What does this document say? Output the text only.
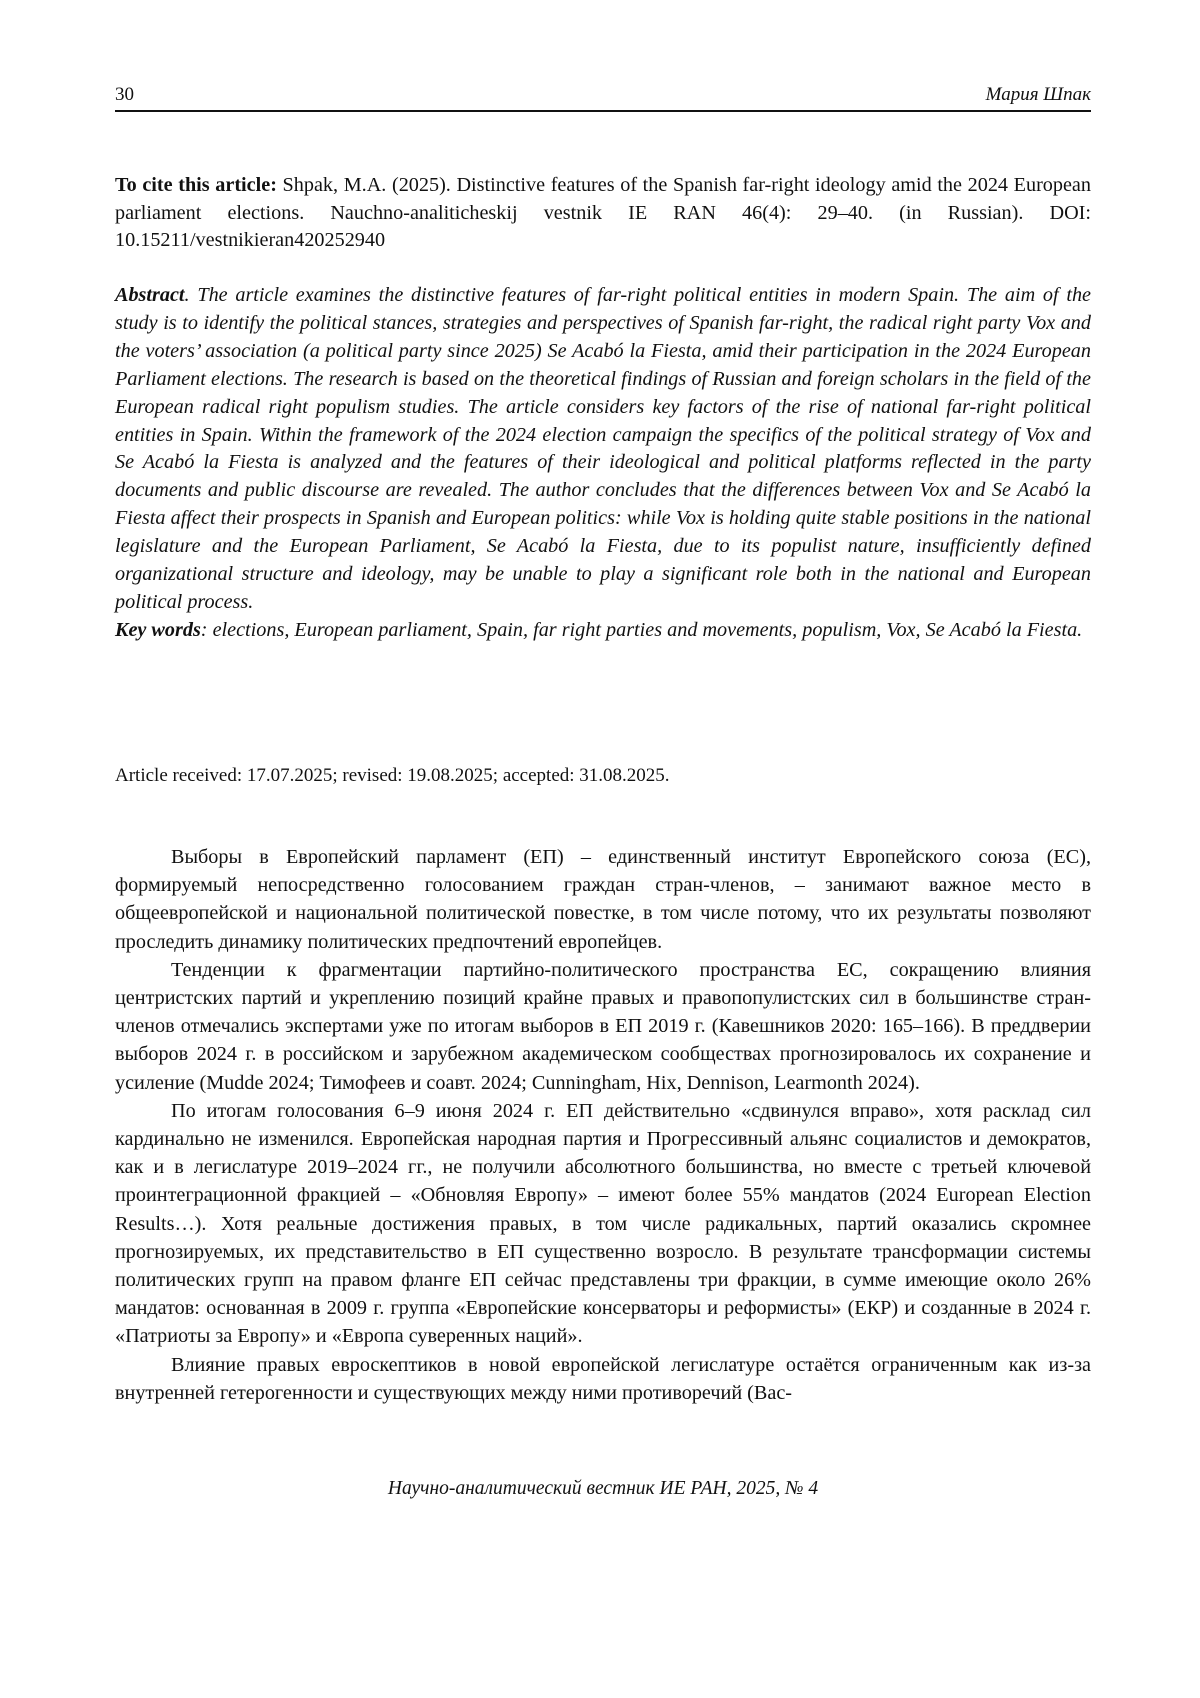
30	Мария Шпак
To cite this article: Shpak, M.A. (2025). Distinctive features of the Spanish far-right ideology amid the 2024 European parliament elections. Nauchno-analiticheskij vestnik IE RAN 46(4): 29–40. (in Russian). DOI: 10.15211/vestnikieran420252940
Abstract. The article examines the distinctive features of far-right political entities in modern Spain. The aim of the study is to identify the political stances, strategies and perspectives of Spanish far-right, the radical right party Vox and the voters’ association (a political party since 2025) Se Acabó la Fiesta, amid their participation in the 2024 European Parliament elections. The research is based on the theoretical findings of Russian and foreign scholars in the field of the European radical right populism studies. The article considers key factors of the rise of national far-right political entities in Spain. Within the framework of the 2024 election campaign the specifics of the political strategy of Vox and Se Acabó la Fiesta is analyzed and the features of their ideological and political platforms reflected in the party documents and public discourse are revealed. The author concludes that the differences between Vox and Se Acabó la Fiesta affect their prospects in Spanish and European politics: while Vox is holding quite stable positions in the national legislature and the European Parliament, Se Acabó la Fiesta, due to its populist nature, insufficiently defined organizational structure and ideology, may be unable to play a significant role both in the national and European political process.
Key words: elections, European parliament, Spain, far right parties and movements, populism, Vox, Se Acabó la Fiesta.
Article received: 17.07.2025; revised: 19.08.2025; accepted: 31.08.2025.

Выборы в Европейский парламент (ЕП) – единственный институт Европейского союза (ЕС), формируемый непосредственно голосованием граждан стран-членов, – занимают важное место в общеевропейской и национальной политической повестке, в том числе потому, что их результаты позволяют проследить динамику политических предпочтений европейцев.

Тенденции к фрагментации партийно-политического пространства ЕС, сокращению влияния центристских партий и укреплению позиций крайне правых и правопопулистских сил в большинстве стран-членов отмечались экспертами уже по итогам выборов в ЕП 2019 г. (Кавешников 2020: 165–166). В преддверии выборов 2024 г. в российском и зарубежном академическом сообществах прогнозировалось их сохранение и усиление (Mudde 2024; Тимофеев и соавт. 2024; Cunningham, Hix, Dennison, Learmonth 2024).

По итогам голосования 6–9 июня 2024 г. ЕП действительно «сдвинулся вправо», хотя расклад сил кардинально не изменился. Европейская народная партия и Прогрессивный альянс социалистов и демократов, как и в легислатуре 2019–2024 гг., не получили абсолютного большинства, но вместе с третьей ключевой проинтеграционной фракцией – «Обновляя Европу» – имеют более 55% мандатов (2024 European Election Results…). Хотя реальные достижения правых, в том числе радикальных, партий оказались скромнее прогнозируемых, их представительство в ЕП существенно возросло. В результате трансформации системы политических групп на правом фланге ЕП сейчас представлены три фракции, в сумме имеющие около 26% мандатов: основанная в 2009 г. группа «Европейские консерваторы и реформисты» (ЕКР) и созданные в 2024 г. «Патриоты за Европу» и «Европа суверенных наций».

Влияние правых евроскептиков в новой европейской легислатуре остаётся ограниченным как из-за внутренней гетерогенности и существующих между ними противоречий (Вас-

Научно-аналитический вестник ИЕ РАН, 2025, № 4
